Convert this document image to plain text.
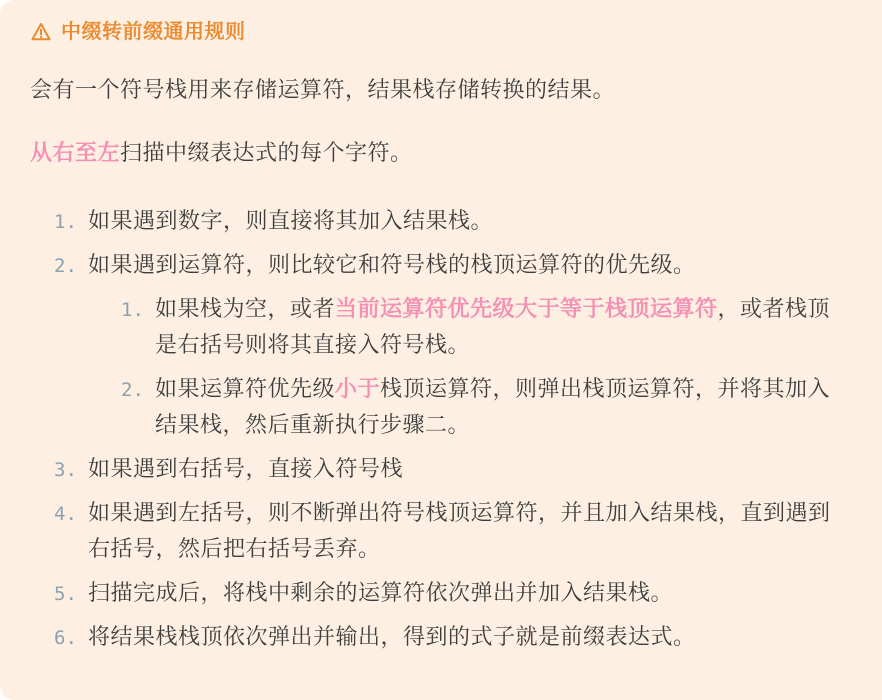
中缀转前缀通用规则
会有一个符号栈用来存储运算符，结果栈存储转换的结果。
从右至左扫描中缀表达式的每个字符。
如果遇到数字，则直接将其加入结果栈。
如果遇到运算符，则比较它和符号栈的栈顶运算符的优先级。
如果栈为空，或者当前运算符优先级大于等于栈顶运算符，或者栈顶是右括号则将其直接入符号栈。
如果运算符优先级小于栈顶运算符，则弹出栈顶运算符，并将其加入结果栈，然后重新执行步骤二。
如果遇到右括号，直接入符号栈
如果遇到左括号，则不断弹出符号栈顶运算符，并且加入结果栈，直到遇到右括号，然后把右括号丢弃。
扫描完成后，将栈中剩余的运算符依次弹出并加入结果栈。
将结果栈栈顶依次弹出并输出，得到的式子就是前缀表达式。
